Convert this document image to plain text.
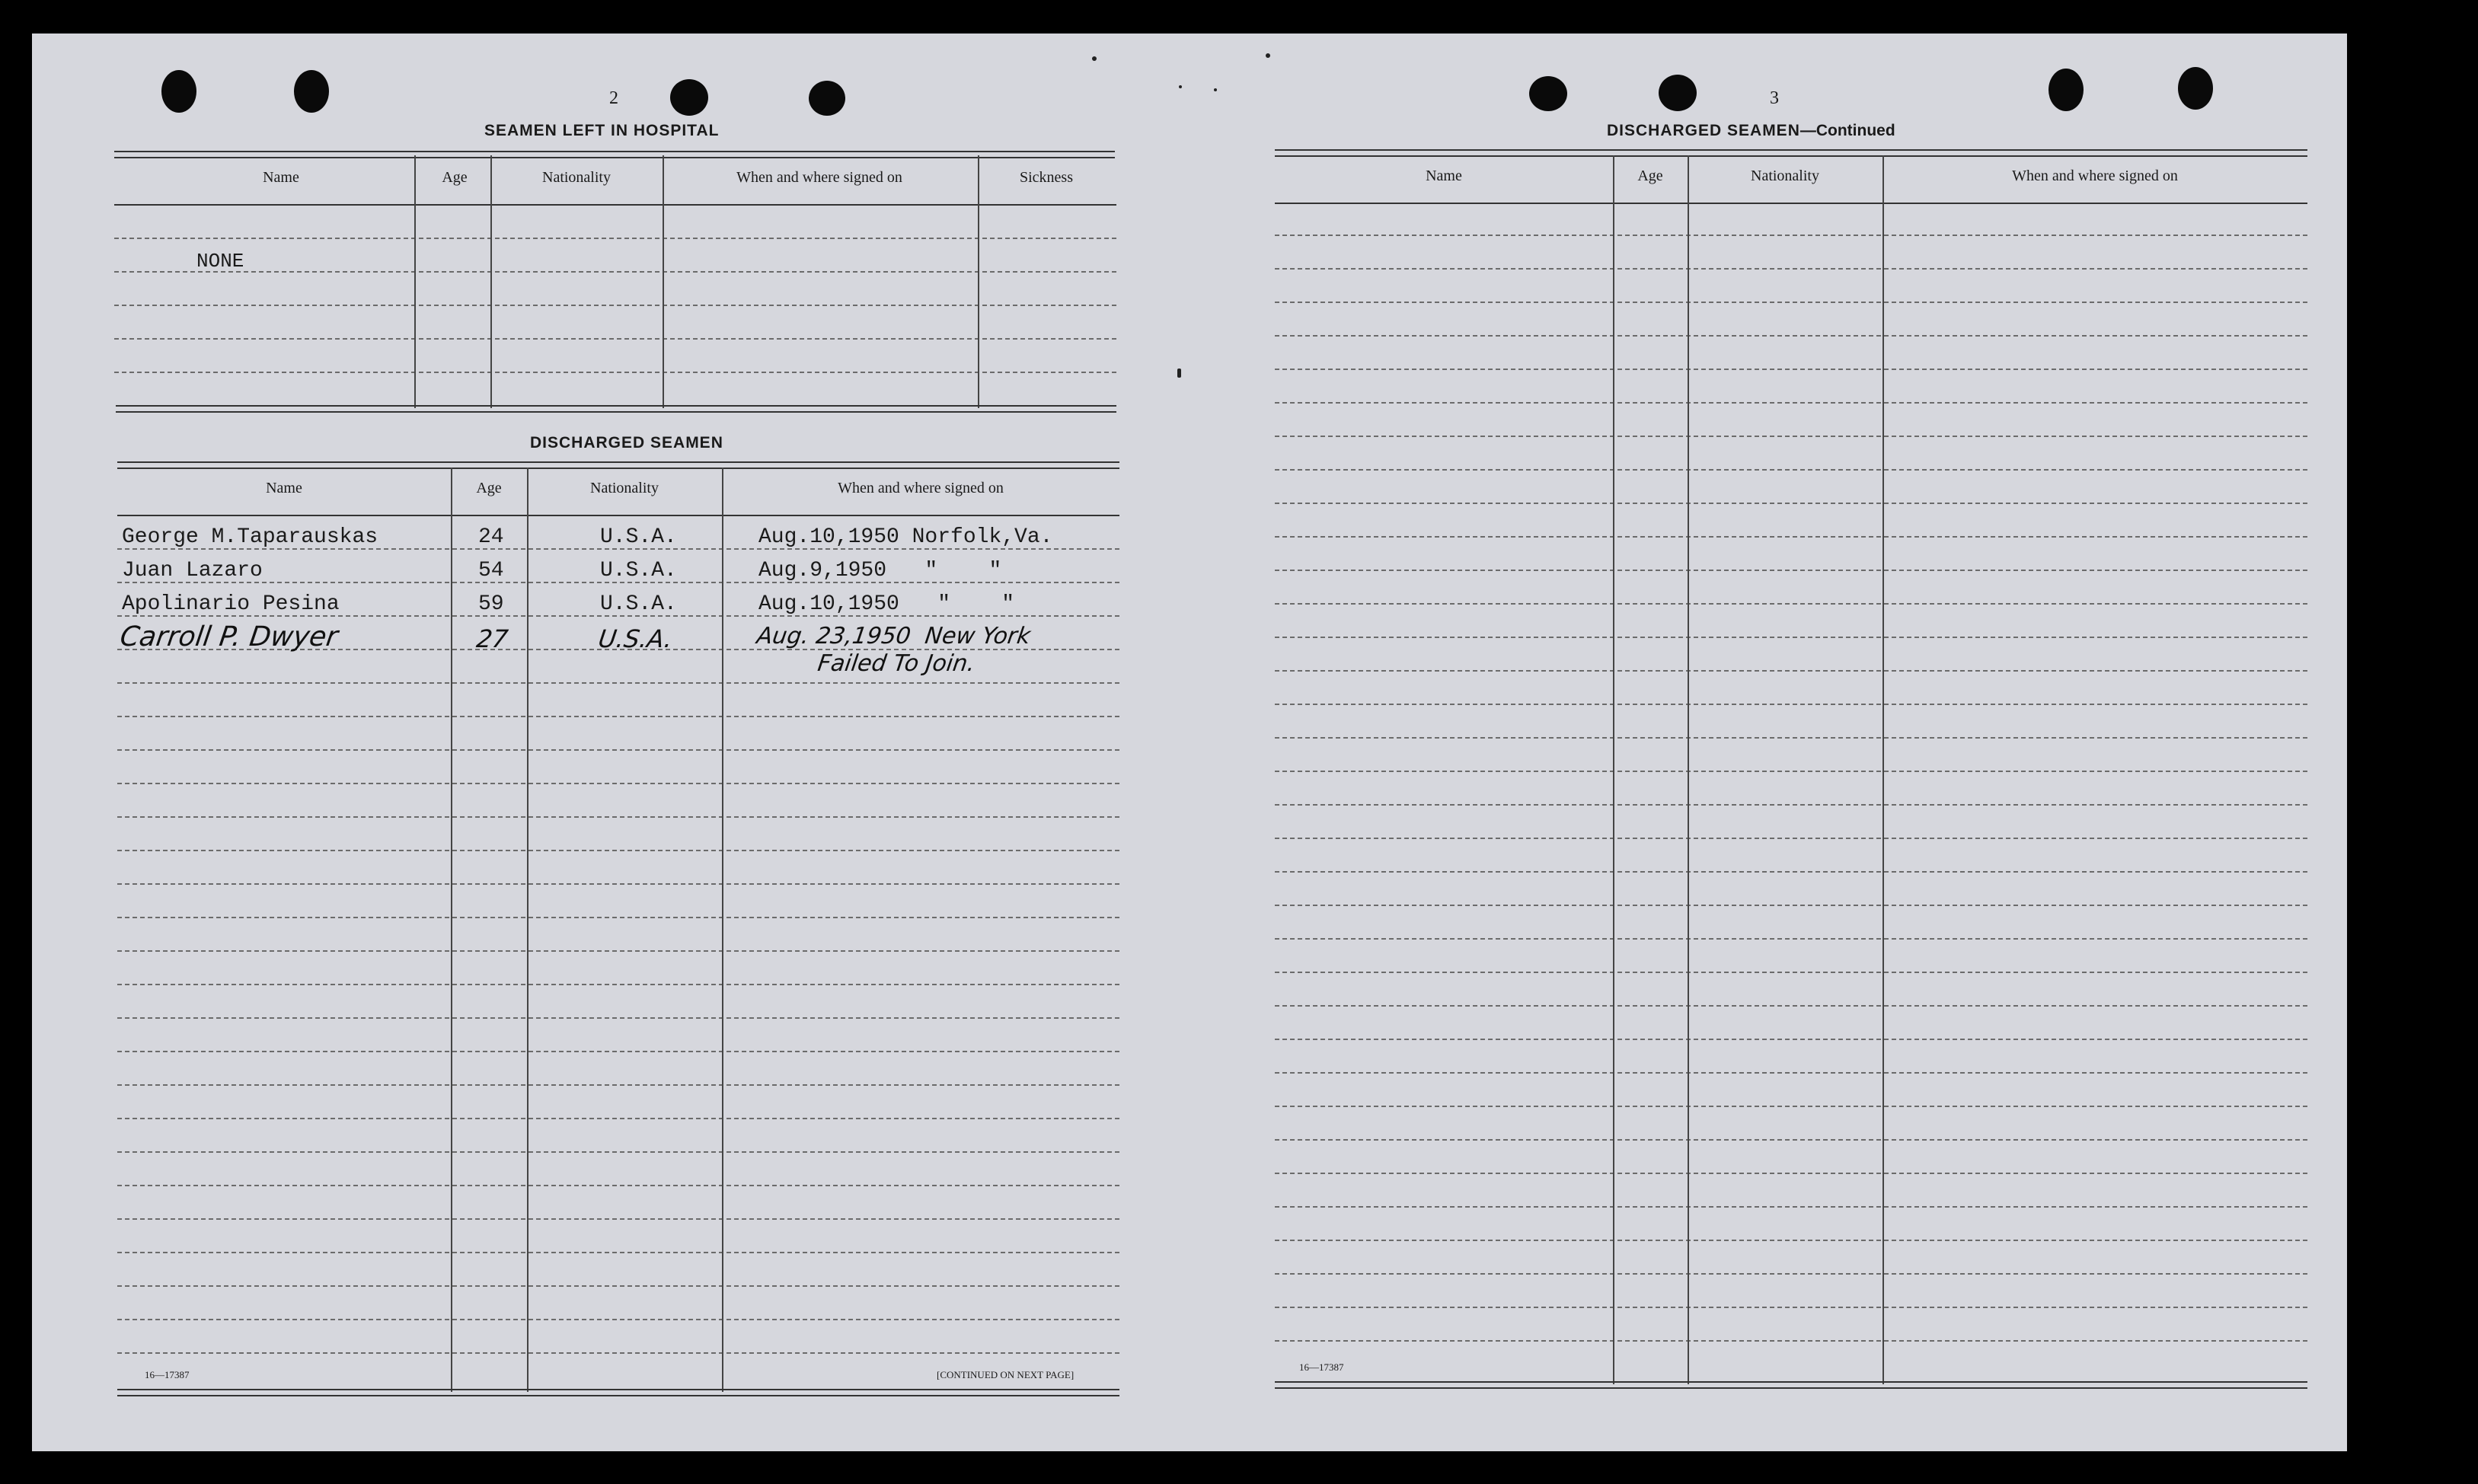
2
SEAMEN LEFT IN HOSPITAL
Name	Age	Nationality	When and where signed on	Sickness
NONE
DISCHARGED SEAMEN
Name	Age	Nationality	When and where signed on
George M.Taparauskas	24	U.S.A.	Aug.10,1950 Norfolk,Va.
Juan Lazaro	54	U.S.A.	Aug.9,1950   "    "
Apolinario Pesina	59	U.S.A.	Aug.10,1950   "    "
Carroll P. Dwyer	27	U.S.A.	Aug. 23,1950  New York
Failed To Join.
16—17387	[CONTINUED ON NEXT PAGE]
3
DISCHARGED SEAMEN—Continued
Name	Age	Nationality	When and where signed on
16—17387
